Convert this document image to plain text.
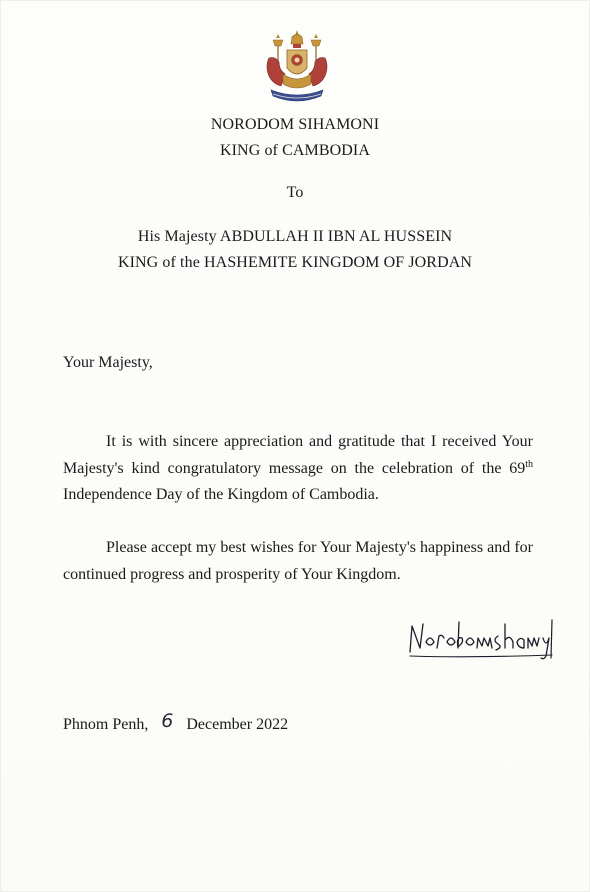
NORODOM SIHAMONI
KING of CAMBODIA
To
His Majesty ABDULLAH II IBN AL HUSSEIN
KING of the HASHEMITE KINGDOM OF JORDAN
Your Majesty,

It is with sincere appreciation and gratitude that I received Your Majesty's kind congratulatory message on the celebration of the 69th Independence Day of the Kingdom of Cambodia.

Please accept my best wishes for Your Majesty's happiness and for continued progress and prosperity of Your Kingdom.

Phnom Penh, 6 December 2022
